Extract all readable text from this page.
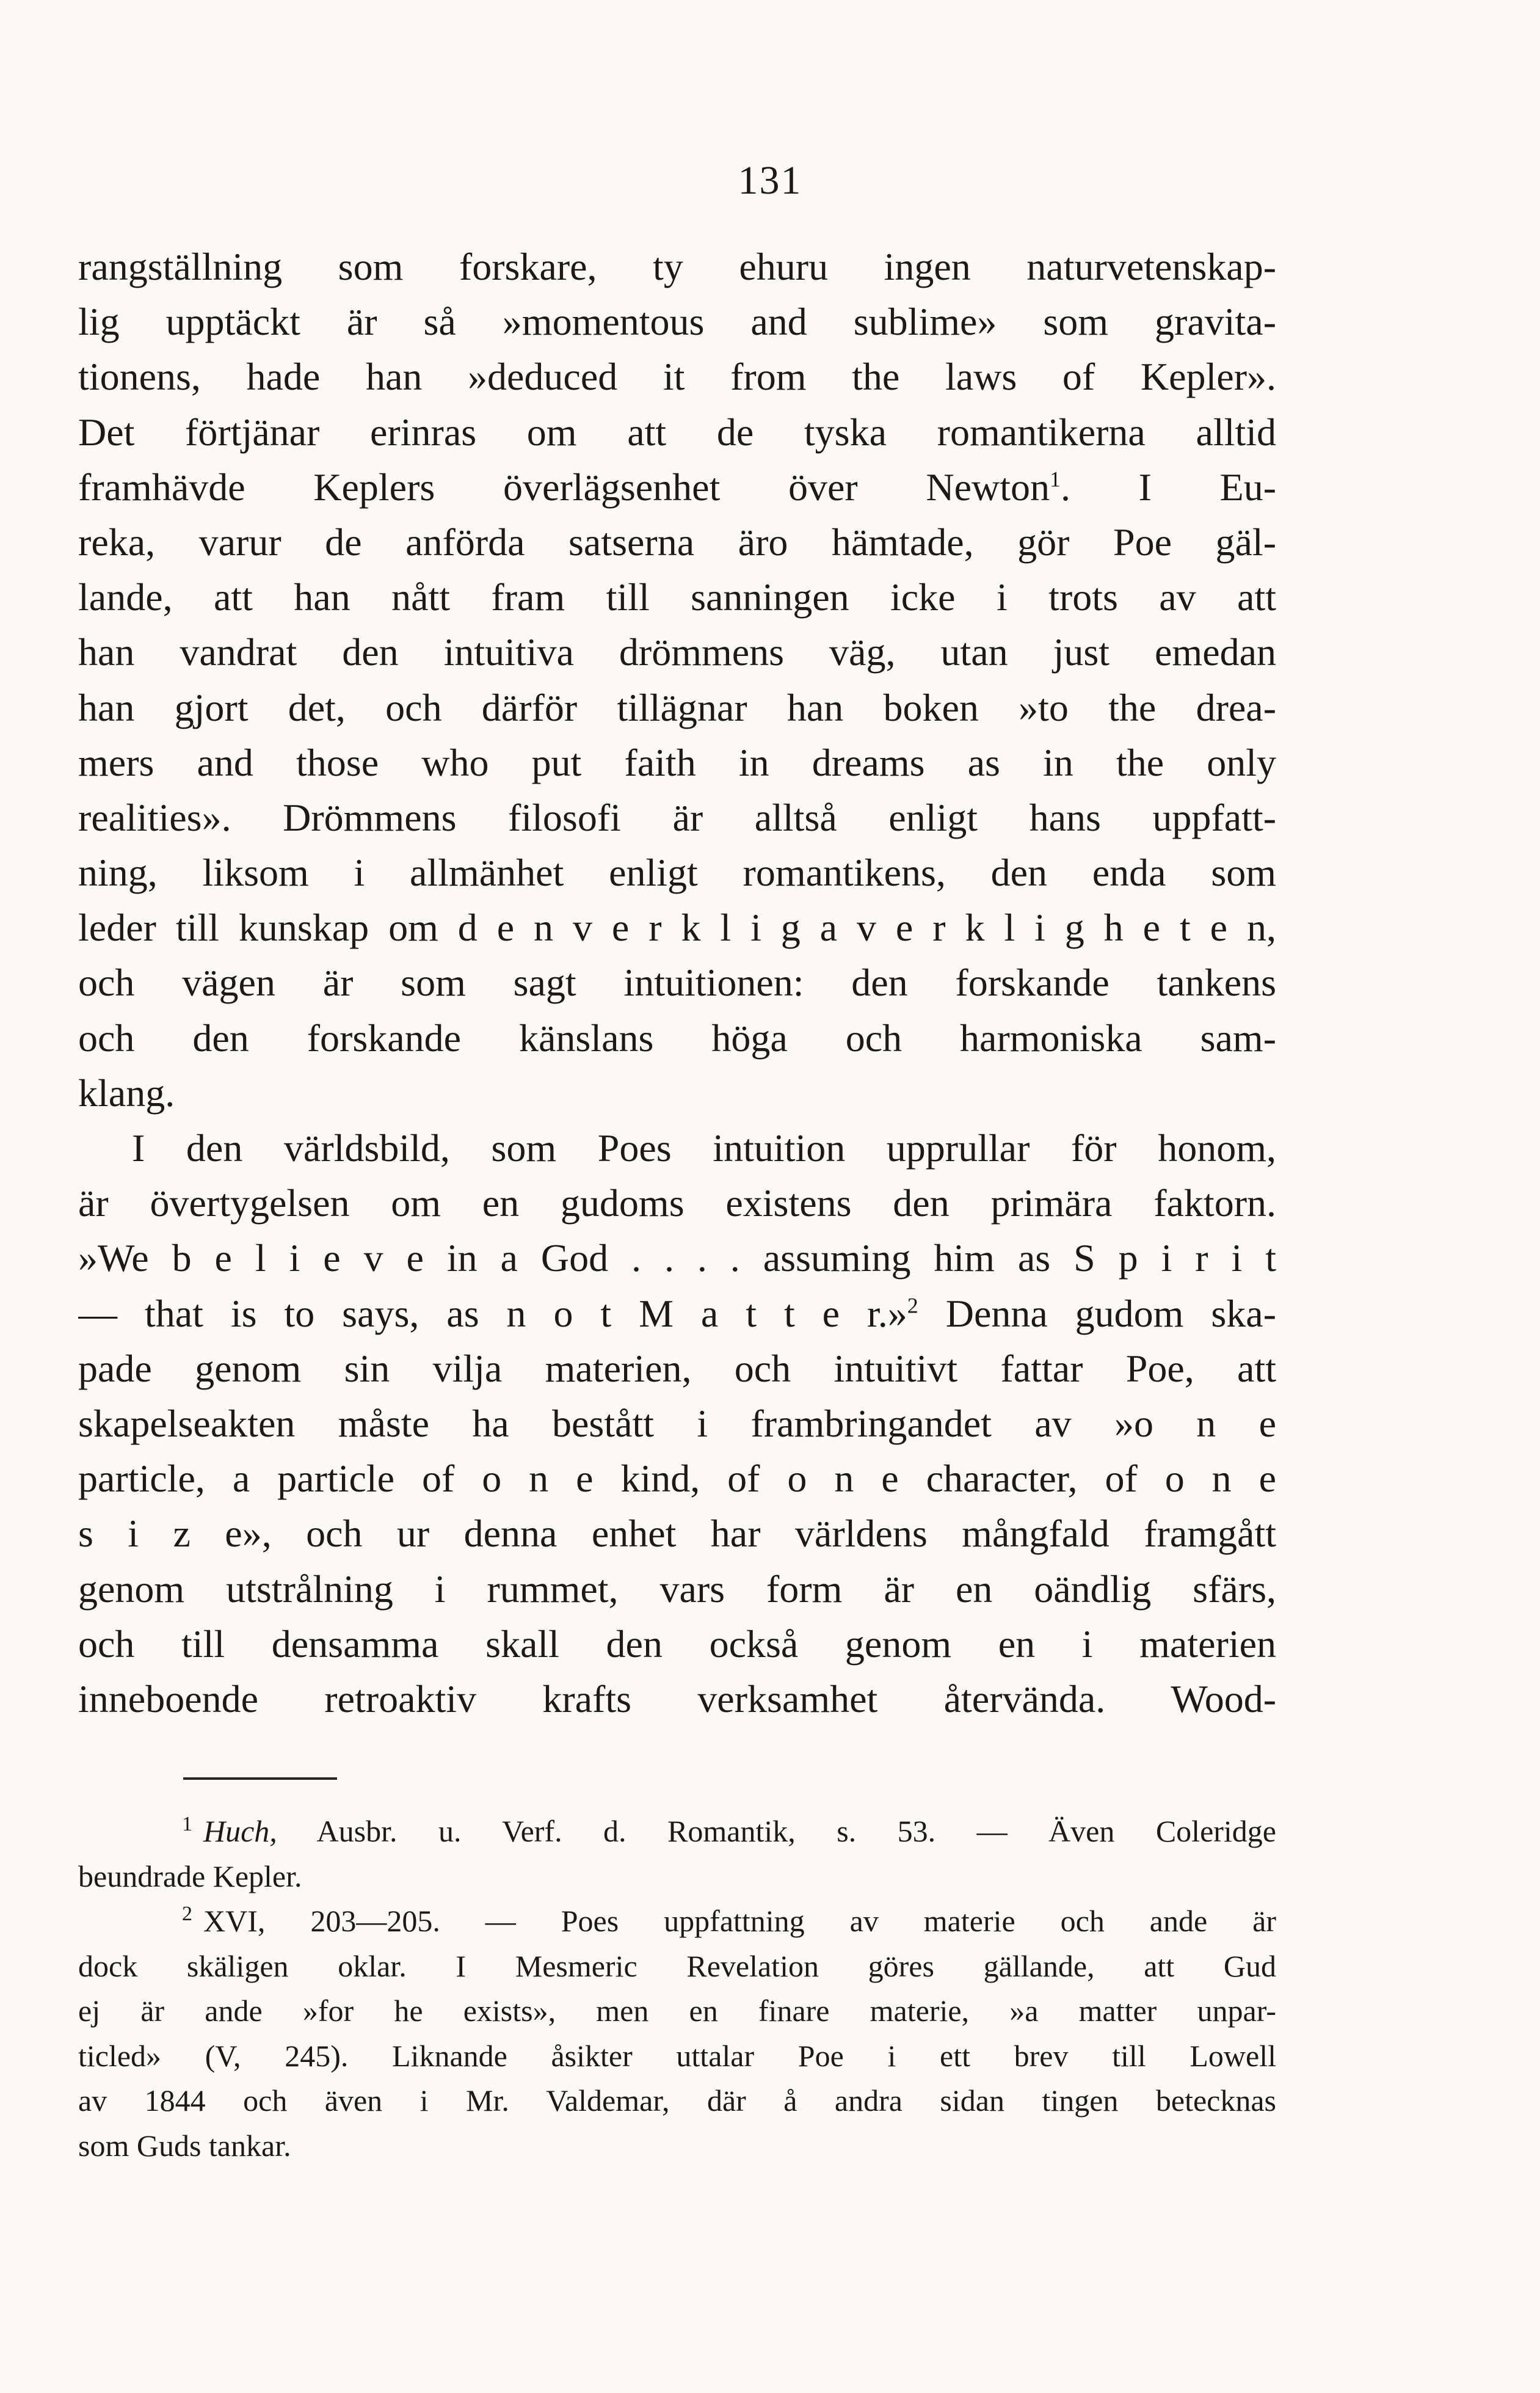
131
rangställning som forskare, ty ehuru ingen naturvetenskap-
lig upptäckt är så »momentous and sublime» som gravita-
tionens, hade han »deduced it from the laws of Kepler».
Det förtjänar erinras om att de tyska romantikerna alltid
framhävde Keplers överlägsenhet över Newton$^1$. I Eu-
reka, varur de anförda satserna äro hämtade, gör Poe gäl-
lande, att han nått fram till sanningen icke i trots av att
han vandrat den intuitiva drömmens väg, utan just emedan
han gjort det, och därför tillägnar han boken »to the drea-
mers and those who put faith in dreams as in the only
realities». Drömmens filosofi är alltså enligt hans uppfatt-
ning, liksom i allmänhet enligt romantikens, den enda som
leder till kunskap om d e n v e r k l i g a v e r k l i g h e t e n,
och vägen är som sagt intuitionen: den forskande tankens
och den forskande känslans höga och harmoniska sam-
klang.
I den världsbild, som Poes intuition upprullar för honom,
är övertygelsen om en gudoms existens den primära faktorn.
»We b e l i e v e in a God . . . . assuming him as S p i r i t
— that is to says, as n o t M a t t e r.»$^2$ Denna gudom ska-
pade genom sin vilja materien, och intuitivt fattar Poe, att
skapelseakten måste ha bestått i frambringandet av »o n e
particle, a particle of o n e kind, of o n e character, of o n e
s i z e», och ur denna enhet har världens mångfald framgått
genom utstrålning i rummet, vars form är en oändlig sfärs,
och till densamma skall den också genom en i materien
inneboende retroaktiv krafts verksamhet återvända. Wood-
$^1$ Huch, Ausbr. u. Verf. d. Romantik, s. 53. — Även Coleridge
beundrade Kepler.
$^2$ XVI, 203—205. — Poes uppfattning av materie och ande är
dock skäligen oklar. I Mesmeric Revelation göres gällande, att Gud
ej är ande »for he exists», men en finare materie, »a matter unpar-
ticled» (V, 245). Liknande åsikter uttalar Poe i ett brev till Lowell
av 1844 och även i Mr. Valdemar, där å andra sidan tingen betecknas
som Guds tankar.
